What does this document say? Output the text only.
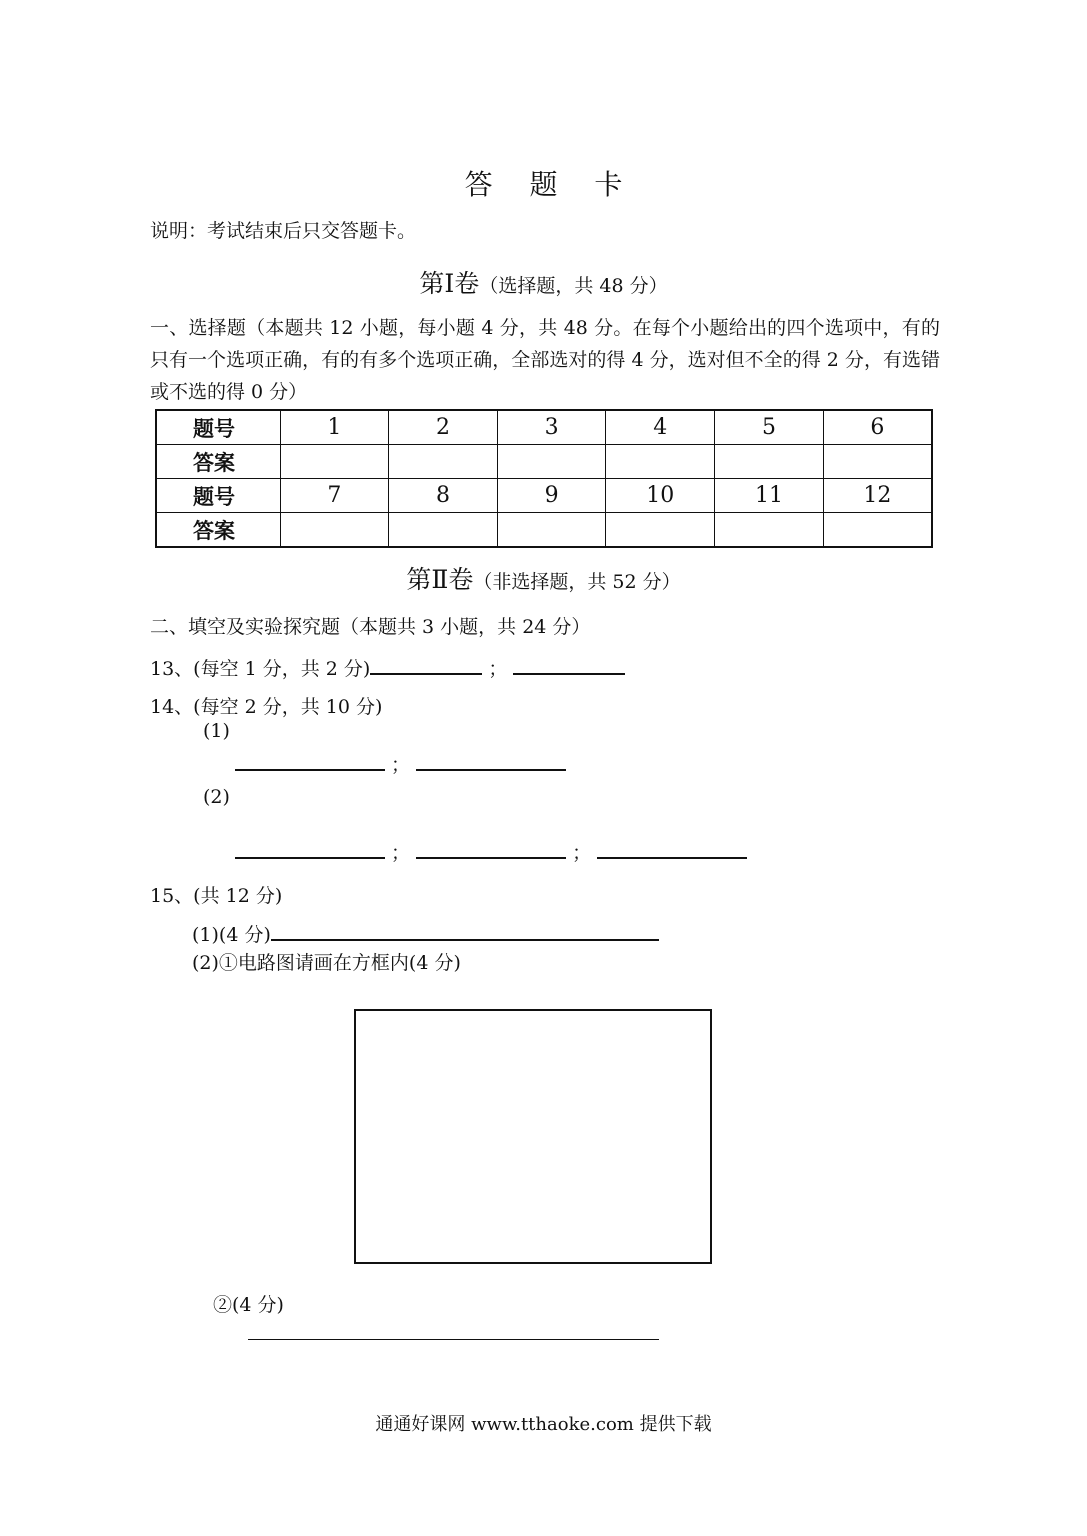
答 题 卡
说明：考试结束后只交答题卡。
第Ⅰ卷（选择题，共 48 分）
一、选择题（本题共 12 小题，每小题 4 分，共 48 分。在每个小题给出的四个选项中，有的只有一个选项正确，有的有多个选项正确，全部选对的得 4 分，选对但不全的得 2 分，有选错或不选的得 0 分）
题号	1	2	3	4	5	6
答案						
题号	7	8	9	10	11	12
答案						
第Ⅱ卷（非选择题，共 52 分）
二、填空及实验探究题（本题共 3 小题，共 24 分）
13、(每空 1 分，共 2 分)	；
14、(每空 2 分，共 10 分)
(1)
；
(2)
；	；
15、(共 12 分)
(1)(4 分)
(2)①电路图请画在方框内(4 分)
②(4 分)
通通好课网 www.tthaoke.com 提供下载
